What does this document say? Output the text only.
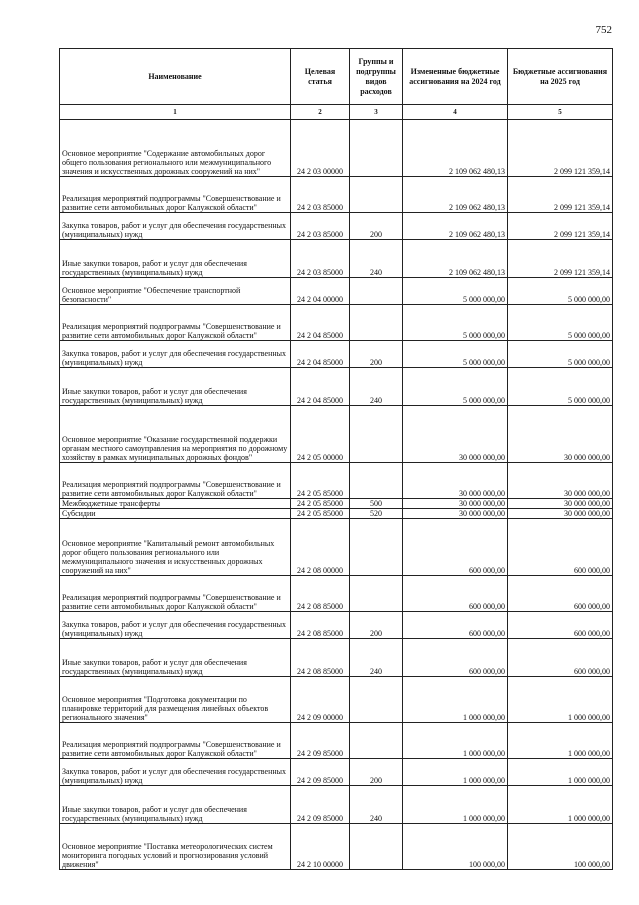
752
Наименование	Целевая статья	Группы и подгруппы видов расходов	Измененные бюджетные ассигнования на 2024 год	Бюджетные ассигнования на 2025 год
1	2	3	4	5
Основное мероприятие "Содержание автомобильных дорог общего пользования регионального или межмуниципального значения и искусственных дорожных сооружений на них"	24 2 03 00000		2 109 062 480,13	2 099 121 359,14
Реализация мероприятий подпрограммы "Совершенствование и развитие сети автомобильных дорог Калужской области"	24 2 03 85000		2 109 062 480,13	2 099 121 359,14
Закупка товаров, работ и услуг для обеспечения государственных (муниципальных) нужд	24 2 03 85000	200	2 109 062 480,13	2 099 121 359,14
Иные закупки товаров, работ и услуг для обеспечения государственных (муниципальных) нужд	24 2 03 85000	240	2 109 062 480,13	2 099 121 359,14
Основное мероприятие "Обеспечение транспортной безопасности"	24 2 04 00000		5 000 000,00	5 000 000,00
Реализация мероприятий подпрограммы "Совершенствование и развитие сети автомобильных дорог Калужской области"	24 2 04 85000		5 000 000,00	5 000 000,00
Закупка товаров, работ и услуг для обеспечения государственных (муниципальных) нужд	24 2 04 85000	200	5 000 000,00	5 000 000,00
Иные закупки товаров, работ и услуг для обеспечения государственных (муниципальных) нужд	24 2 04 85000	240	5 000 000,00	5 000 000,00
Основное мероприятие "Оказание государственной поддержки органам местного самоуправления на мероприятия по дорожному хозяйству в рамках муниципальных дорожных фондов"	24 2 05 00000		30 000 000,00	30 000 000,00
Реализация мероприятий подпрограммы "Совершенствование и развитие сети автомобильных дорог Калужской области"	24 2 05 85000		30 000 000,00	30 000 000,00
Межбюджетные трансферты	24 2 05 85000	500	30 000 000,00	30 000 000,00
Субсидии	24 2 05 85000	520	30 000 000,00	30 000 000,00
Основное мероприятие "Капитальный ремонт автомобильных дорог общего пользования регионального или межмуниципального значения и искусственных дорожных сооружений на них"	24 2 08 00000		600 000,00	600 000,00
Реализация мероприятий подпрограммы "Совершенствование и развитие сети автомобильных дорог Калужской области"	24 2 08 85000		600 000,00	600 000,00
Закупка товаров, работ и услуг для обеспечения государственных (муниципальных) нужд	24 2 08 85000	200	600 000,00	600 000,00
Иные закупки товаров, работ и услуг для обеспечения государственных (муниципальных) нужд	24 2 08 85000	240	600 000,00	600 000,00
Основное мероприятия "Подготовка документации по планировке территорий для размещения линейных объектов регионального значения"	24 2 09 00000		1 000 000,00	1 000 000,00
Реализация мероприятий подпрограммы "Совершенствование и развитие сети автомобильных дорог Калужской области"	24 2 09 85000		1 000 000,00	1 000 000,00
Закупка товаров, работ и услуг для обеспечения государственных (муниципальных) нужд	24 2 09 85000	200	1 000 000,00	1 000 000,00
Иные закупки товаров, работ и услуг для обеспечения государственных (муниципальных) нужд	24 2 09 85000	240	1 000 000,00	1 000 000,00
Основное мероприятие "Поставка метеорологических систем мониторинга погодных условий и прогнозирования условий движения"	24 2 10 00000		100 000,00	100 000,00
